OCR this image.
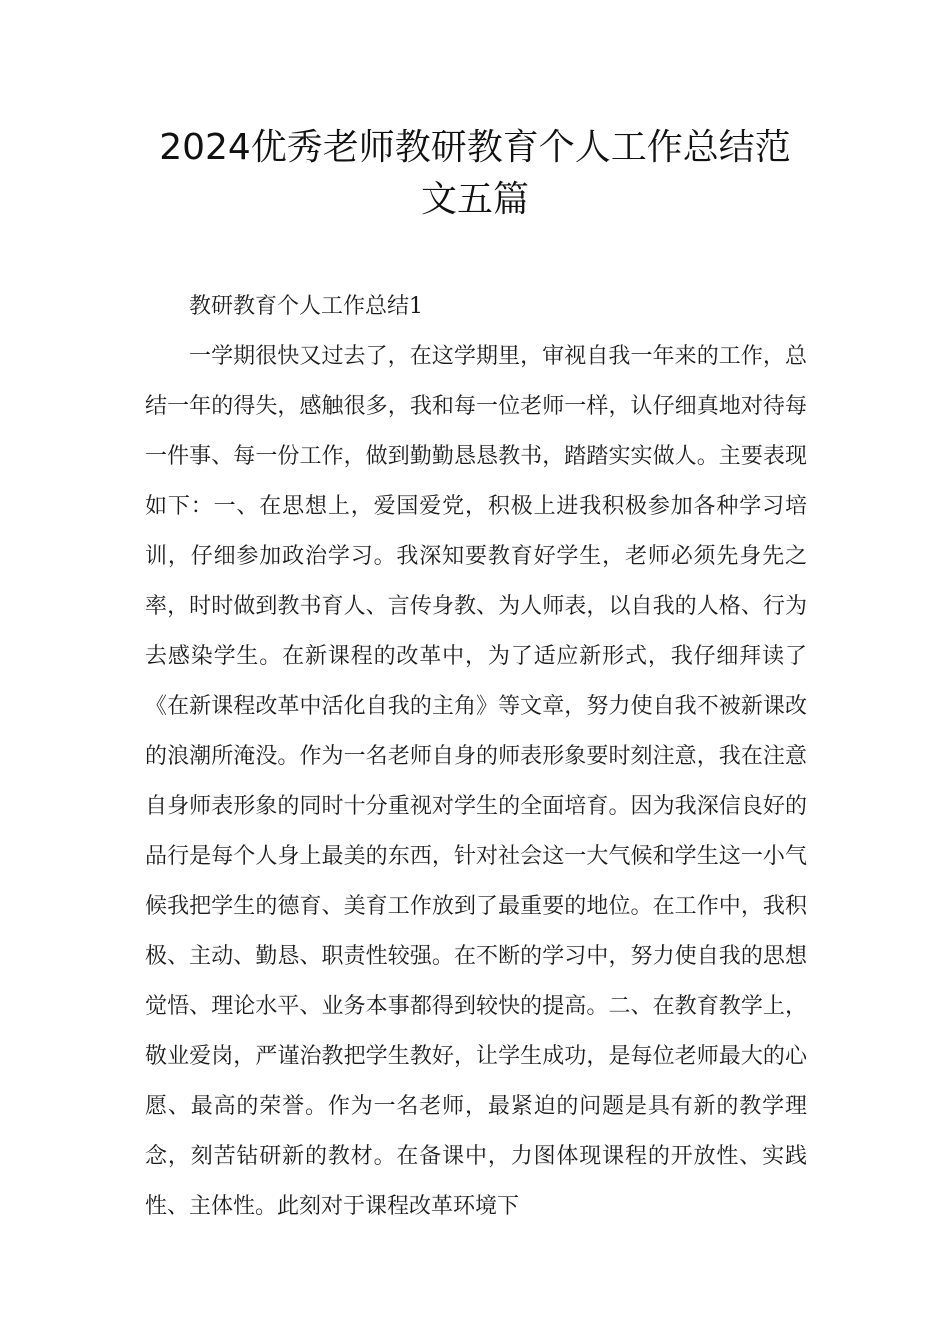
2024优秀老师教研教育个人工作总结范
文五篇

教研教育个人工作总结1

一学期很快又过去了，在这学期里，审视自我一年来的工作，总结一年的得失，感触很多，我和每一位老师一样，认仔细真地对待每一件事、每一份工作，做到勤勤恳恳教书，踏踏实实做人。主要表现如下：一、在思想上，爱国爱党，积极上进我积极参加各种学习培训，仔细参加政治学习。我深知要教育好学生，老师必须先身先之率，时时做到教书育人、言传身教、为人师表，以自我的人格、行为去感染学生。在新课程的改革中，为了适应新形式，我仔细拜读了《在新课程改革中活化自我的主角》等文章，努力使自我不被新课改的浪潮所淹没。作为一名老师自身的师表形象要时刻注意，我在注意自身师表形象的同时十分重视对学生的全面培育。因为我深信良好的品行是每个人身上最美的东西，针对社会这一大气候和学生这一小气候我把学生的德育、美育工作放到了最重要的地位。在工作中，我积极、主动、勤恳、职责性较强。在不断的学习中，努力使自我的思想觉悟、理论水平、业务本事都得到较快的提高。二、在教育教学上，敬业爱岗，严谨治教把学生教好，让学生成功，是每位老师最大的心愿、最高的荣誉。作为一名老师，最紧迫的问题是具有新的教学理念，刻苦钻研新的教材。在备课中，力图体现课程的开放性、实践性、主体性。此刻对于课程改革环境下
